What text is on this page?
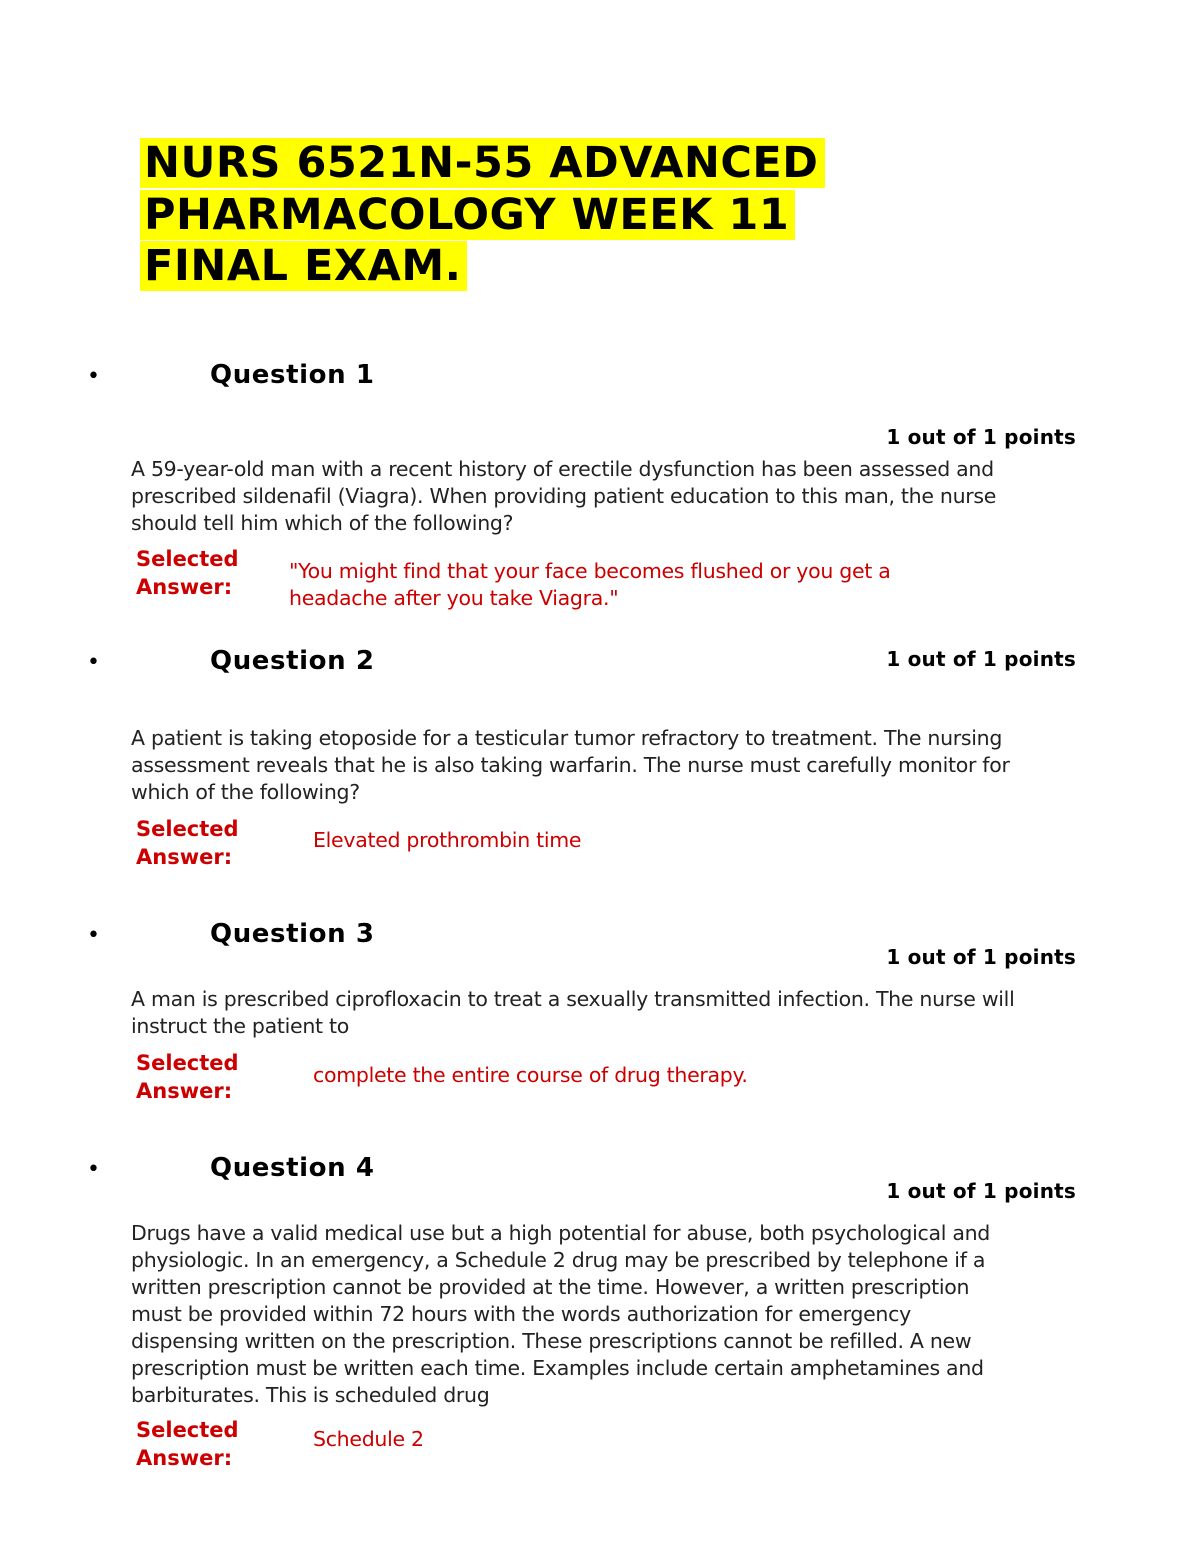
NURS 6521N-55 ADVANCED
PHARMACOLOGY WEEK 11
FINAL EXAM.
•	Question 1
1 out of 1 points

A 59-year-old man with a recent history of erectile dysfunction has been assessed and prescribed sildenafil (Viagra). When providing patient education to this man, the nurse should tell him which of the following?

Selected
Answer:

"You might find that your face becomes flushed or you get a headache after you take Viagra."

•	Question 2	1 out of 1 points

A patient is taking etoposide for a testicular tumor refractory to treatment. The nursing assessment reveals that he is also taking warfarin. The nurse must carefully monitor for which of the following?

Selected
Answer:

Elevated prothrombin time

•	Question 3
1 out of 1 points

A man is prescribed ciprofloxacin to treat a sexually transmitted infection. The nurse will instruct the patient to

Selected
Answer:

complete the entire course of drug therapy.

•	Question 4
1 out of 1 points

Drugs have a valid medical use but a high potential for abuse, both psychological and physiologic. In an emergency, a Schedule 2 drug may be prescribed by telephone if a written prescription cannot be provided at the time. However, a written prescription must be provided within 72 hours with the words authorization for emergency dispensing written on the prescription. These prescriptions cannot be refilled. A new prescription must be written each time. Examples include certain amphetamines and barbiturates. This is scheduled drug

Selected
Answer:

Schedule 2
